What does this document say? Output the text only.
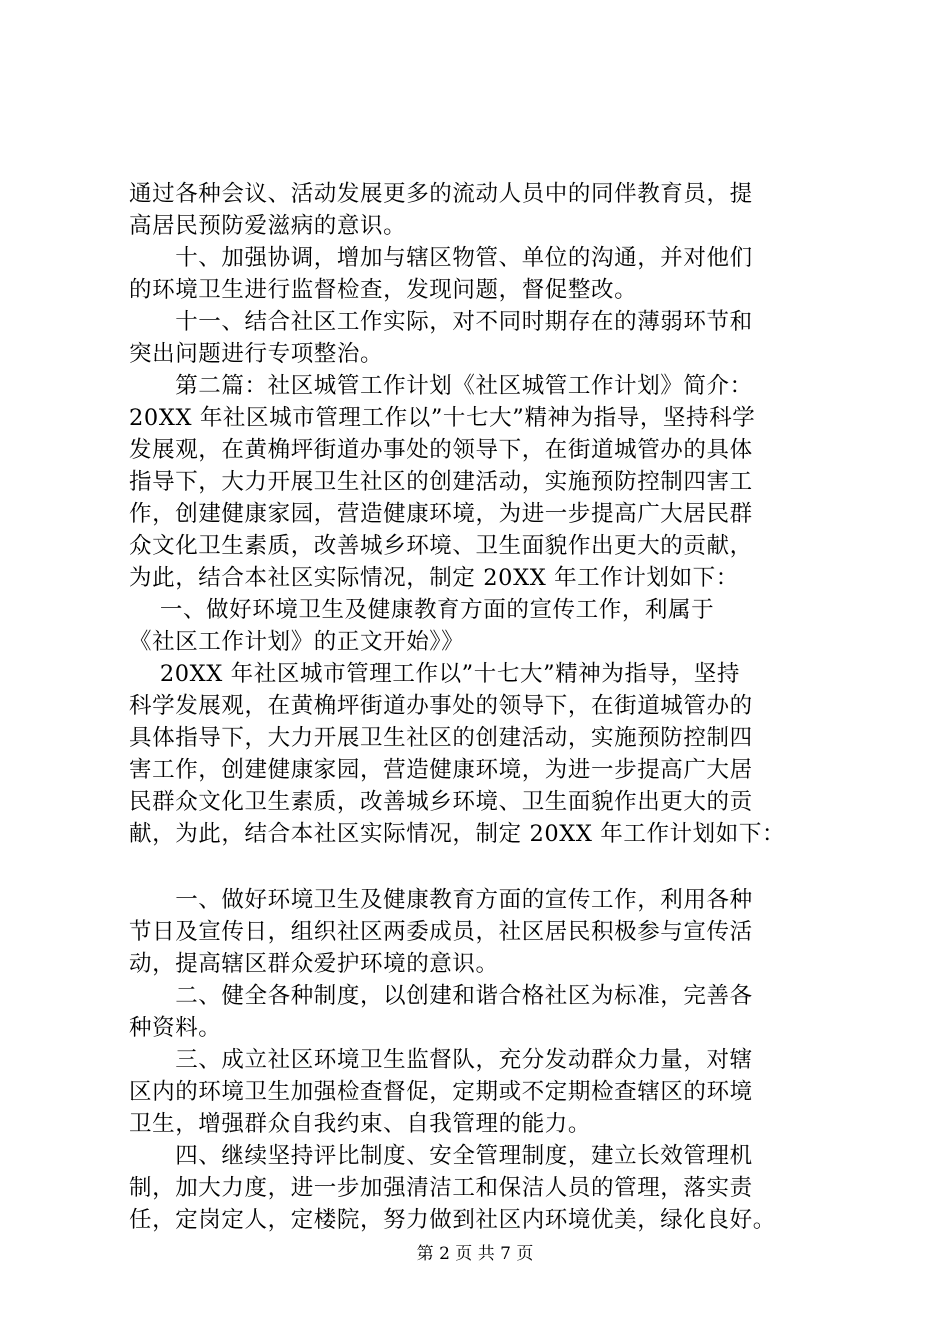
通过各种会议、活动发展更多的流动人员中的同伴教育员，提
高居民预防爱滋病的意识。
　　十、加强协调，增加与辖区物管、单位的沟通，并对他们
的环境卫生进行监督检查，发现问题，督促整改。
　　十一、结合社区工作实际，对不同时期存在的薄弱环节和
突出问题进行专项整治。
　　第二篇：社区城管工作计划《社区城管工作计划》简介：
20XX 年社区城市管理工作以”十七大”精神为指导，坚持科学
发展观，在黄桷坪街道办事处的领导下，在街道城管办的具体
指导下，大力开展卫生社区的创建活动，实施预防控制四害工
作，创建健康家园，营造健康环境，为进一步提高广大居民群
众文化卫生素质，改善城乡环境、卫生面貌作出更大的贡献，
为此，结合本社区实际情况，制定 20XX 年工作计划如下：
　 一、做好环境卫生及健康教育方面的宣传工作，利属于
《社区工作计划》的正文开始》》
　 20XX 年社区城市管理工作以”十七大”精神为指导，坚持
科学发展观，在黄桷坪街道办事处的领导下，在街道城管办的
具体指导下，大力开展卫生社区的创建活动，实施预防控制四
害工作，创建健康家园，营造健康环境，为进一步提高广大居
民群众文化卫生素质，改善城乡环境、卫生面貌作出更大的贡
献，为此，结合本社区实际情况，制定 20XX 年工作计划如下：
　　一、做好环境卫生及健康教育方面的宣传工作，利用各种
节日及宣传日，组织社区两委成员，社区居民积极参与宣传活
动，提高辖区群众爱护环境的意识。
　　二、健全各种制度，以创建和谐合格社区为标准，完善各
种资料。
　　三、成立社区环境卫生监督队，充分发动群众力量，对辖
区内的环境卫生加强检查督促，定期或不定期检查辖区的环境
卫生，增强群众自我约束、自我管理的能力。
　　四、继续坚持评比制度、安全管理制度，建立长效管理机
制，加大力度，进一步加强清洁工和保洁人员的管理，落实责
任，定岗定人，定楼院，努力做到社区内环境优美，绿化良好。
第 2 页 共 7 页
